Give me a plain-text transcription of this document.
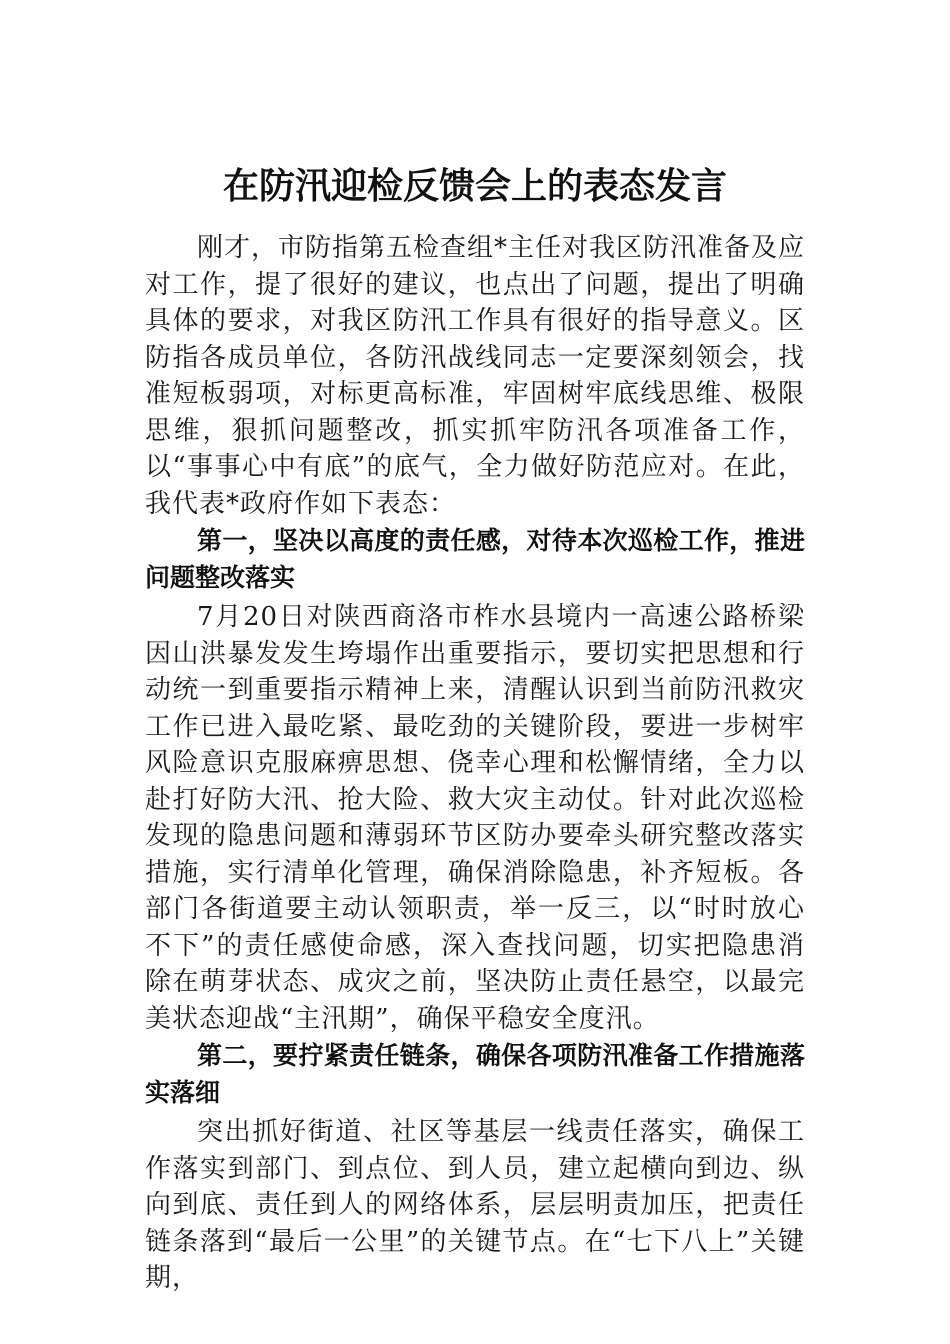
在防汛迎检反馈会上的表态发言

刚才，市防指第五检查组*主任对我区防汛准备及应对工作，提了很好的建议，也点出了问题，提出了明确具体的要求，对我区防汛工作具有很好的指导意义。区防指各成员单位，各防汛战线同志一定要深刻领会，找准短板弱项，对标更高标准，牢固树牢底线思维、极限思维，狠抓问题整改，抓实抓牢防汛各项准备工作，以“事事心中有底”的底气，全力做好防范应对。在此，我代表*政府作如下表态：

第一，坚决以高度的责任感，对待本次巡检工作，推进问题整改落实

7月20日对陕西商洛市柞水县境内一高速公路桥梁因山洪暴发发生垮塌作出重要指示，要切实把思想和行动统一到重要指示精神上来，清醒认识到当前防汛救灾工作已进入最吃紧、最吃劲的关键阶段，要进一步树牢风险意识克服麻痹思想、侥幸心理和松懈情绪，全力以赴打好防大汛、抢大险、救大灾主动仗。针对此次巡检发现的隐患问题和薄弱环节区防办要牵头研究整改落实措施，实行清单化管理，确保消除隐患，补齐短板。各部门各街道要主动认领职责，举一反三，以“时时放心不下”的责任感使命感，深入查找问题，切实把隐患消除在萌芽状态、成灾之前，坚决防止责任悬空，以最完美状态迎战“主汛期”，确保平稳安全度汛。

第二，要拧紧责任链条，确保各项防汛准备工作措施落实落细

突出抓好街道、社区等基层一线责任落实，确保工作落实到部门、到点位、到人员，建立起横向到边、纵向到底、责任到人的网络体系，层层明责加压，把责任链条落到“最后一公里”的关键节点。在“七下八上”关键期，
